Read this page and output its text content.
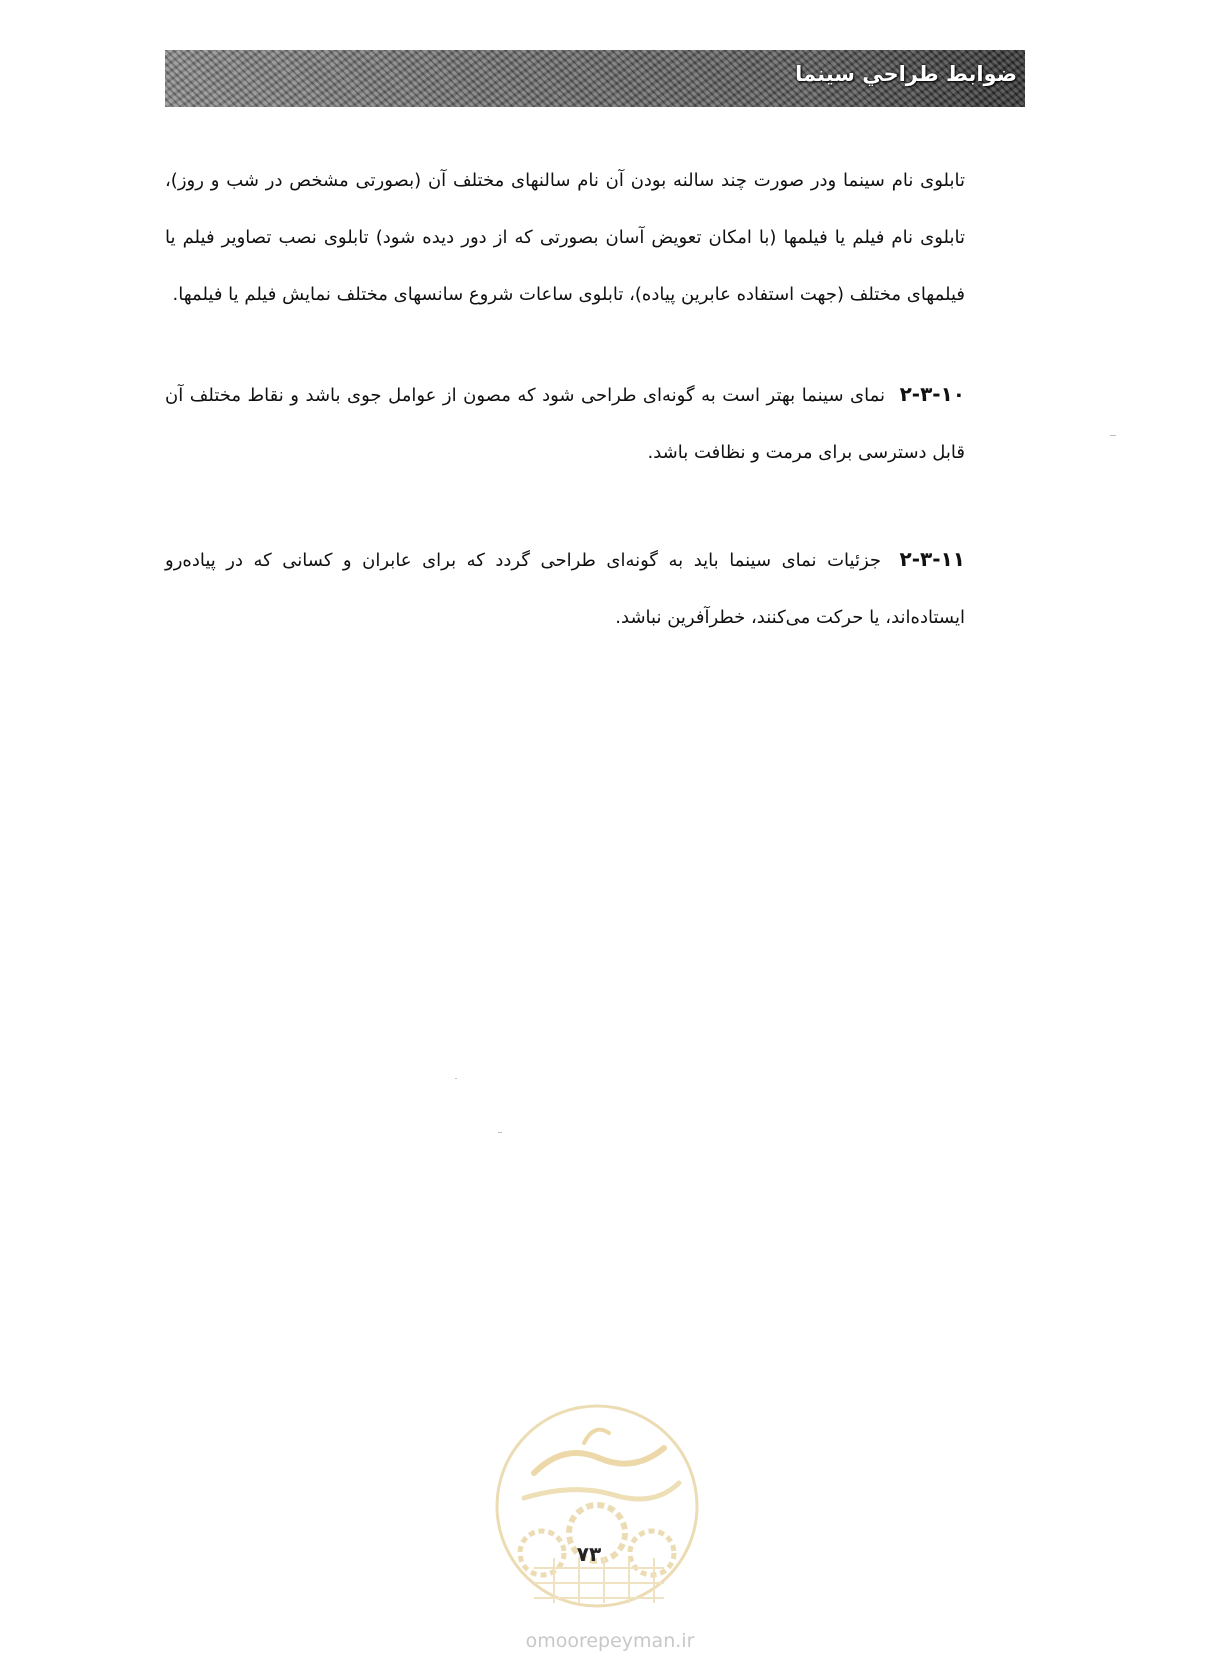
ضوابط طراحي سينما

تابلوی نام سینما ودر صورت چند سالنه بودن آن نام سالنهای مختلف آن (بصورتی مشخص در شب و روز)، تابلوی نام فیلم یا فیلمها (با امکان تعویض آسان بصورتی که از دور دیده شود) تابلوی نصب تصاویر فیلم یا فیلمهای مختلف (جهت استفاده عابرین پیاده)، تابلوی ساعات شروع سانسهای مختلف نمایش فیلم یا فیلمها.

۲-۳-۱۰ نمای سینما بهتر است به گونه‌ای طراحی شود که مصون از عوامل جوی باشد و نقاط مختلف آن قابل دسترسی برای مرمت و نظافت باشد.

۲-۳-۱۱ جزئیات نمای سینما باید به گونه‌ای طراحی گردد که برای عابران و کسانی که در پیاده‌رو ایستاده‌اند، یا حرکت می‌کنند، خطرآفرین نباشد.

۷۳
omoorepeyman.ir
